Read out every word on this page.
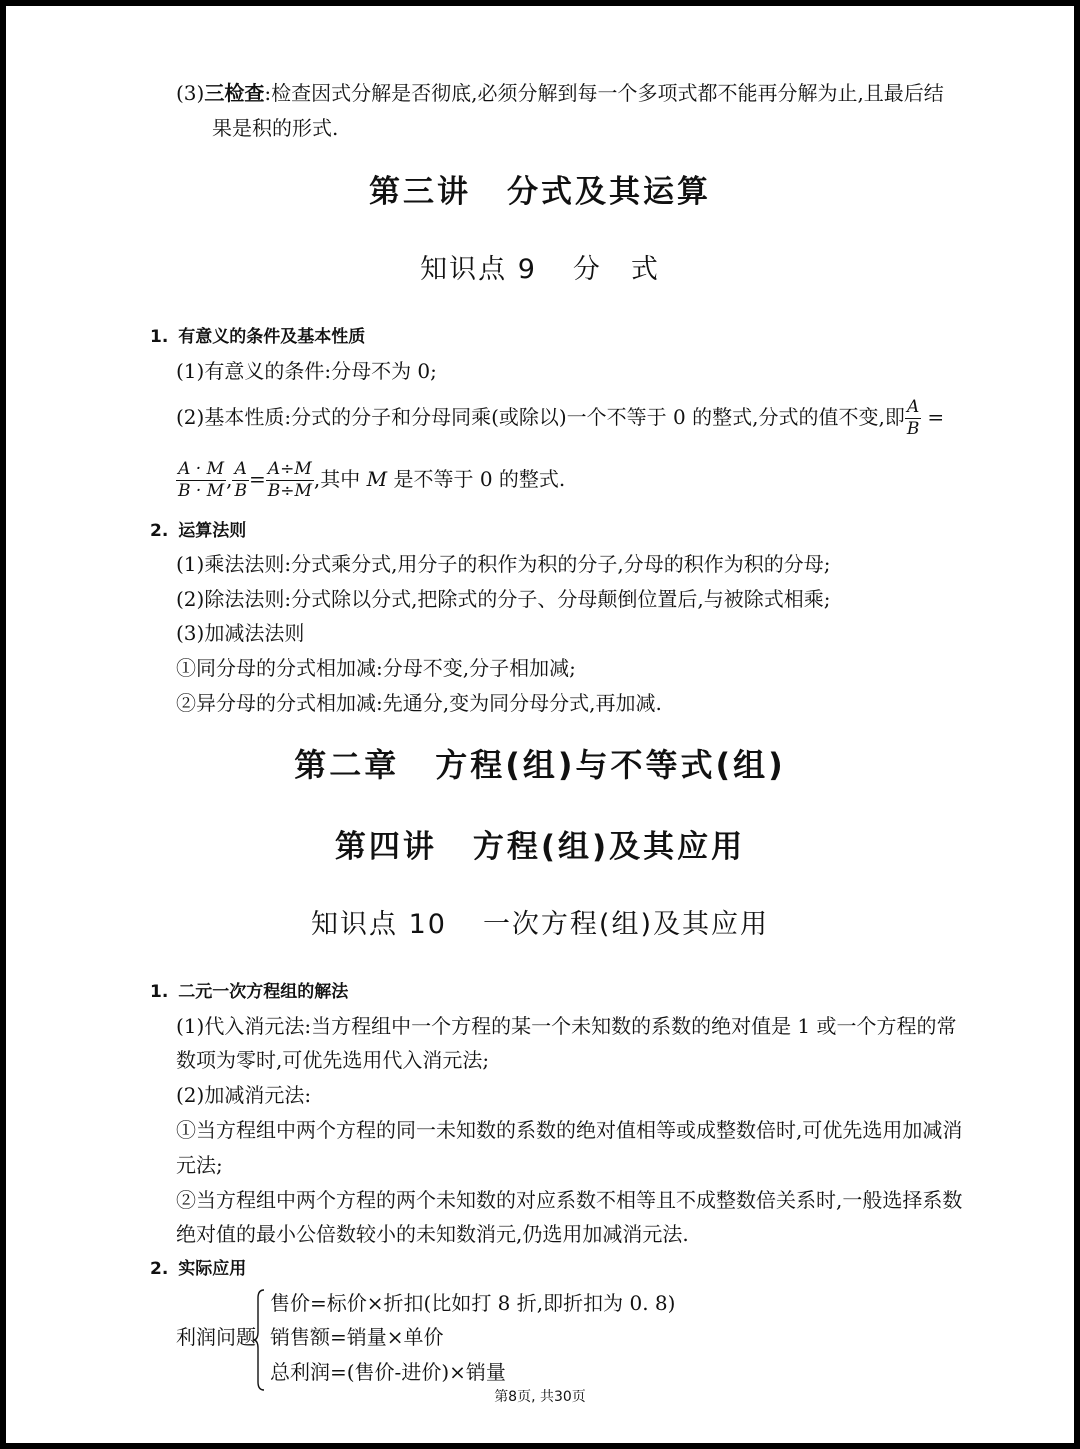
(3)三检查:检查因式分解是否彻底,必须分解到每一个多项式都不能再分解为止,且最后结
果是积的形式.
第三讲 分式及其运算
知识点 9 分　式
1. 有意义的条件及基本性质
(1)有意义的条件:分母不为 0;
(2)基本性质:分式的分子和分母同乘(或除以)一个不等于 0 的整式,分式的值不变,即 $\frac{A}{B}$ =
$\frac{A \cdot M}{B \cdot M}$ , $\frac{A}{B} = \frac{A\div M}{B\div M}$ ,其中 M 是不等于 0 的整式.
2. 运算法则
(1)乘法法则:分式乘分式,用分子的积作为积的分子,分母的积作为积的分母;
(2)除法法则:分式除以分式,把除式的分子、分母颠倒位置后,与被除式相乘;
(3)加减法法则
①同分母的分式相加减:分母不变,分子相加减;
②异分母的分式相加减:先通分,变为同分母分式,再加减.
第二章 方程(组)与不等式(组)
第四讲 方程(组)及其应用
知识点 10 一次方程(组)及其应用
1. 二元一次方程组的解法
(1)代入消元法:当方程组中一个方程的某一个未知数的系数的绝对值是 1 或一个方程的常
数项为零时,可优先选用代入消元法;
(2)加减消元法:
①当方程组中两个方程的同一未知数的系数的绝对值相等或成整数倍时,可优先选用加减消
元法;
②当方程组中两个方程的两个未知数的对应系数不相等且不成整数倍关系时,一般选择系数
绝对值的最小公倍数较小的未知数消元,仍选用加减消元法.
2. 实际应用
利润问题
售价=标价×折扣(比如打 8 折,即折扣为 0. 8)
销售额=销量×单价
总利润=(售价-进价)×销量
第8页, 共30页
